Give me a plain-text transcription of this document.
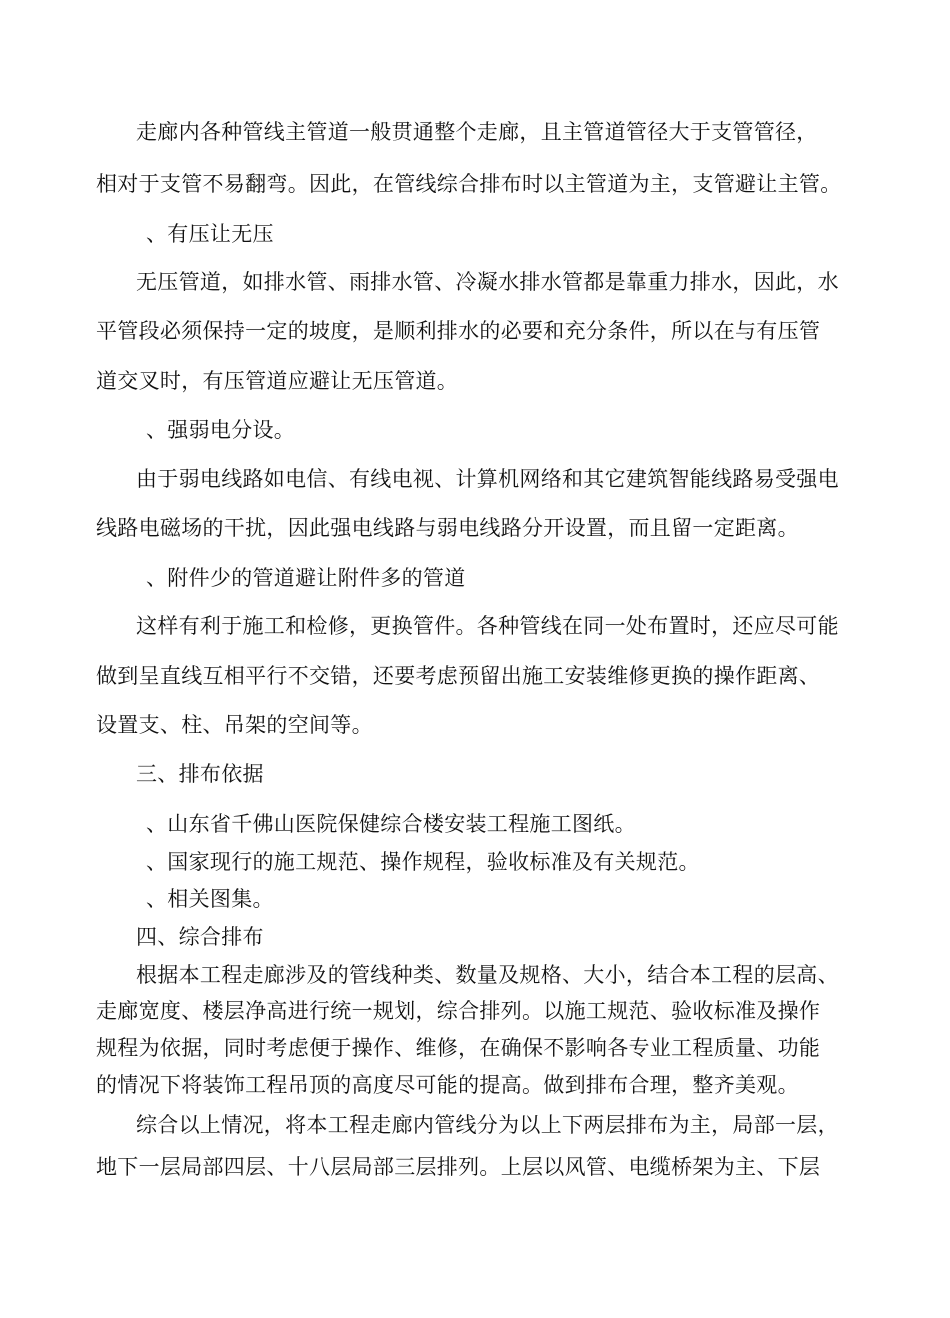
走廊内各种管线主管道一般贯通整个走廊，且主管道管径大于支管管径，
相对于支管不易翻弯。因此，在管线综合排布时以主管道为主，支管避让主管。
、有压让无压
无压管道，如排水管、雨排水管、冷凝水排水管都是靠重力排水，因此，水
平管段必须保持一定的坡度，是顺利排水的必要和充分条件，所以在与有压管
道交叉时，有压管道应避让无压管道。
、强弱电分设。
由于弱电线路如电信、有线电视、计算机网络和其它建筑智能线路易受强电
线路电磁场的干扰，因此强电线路与弱电线路分开设置，而且留一定距离。
、附件少的管道避让附件多的管道
这样有利于施工和检修，更换管件。各种管线在同一处布置时，还应尽可能
做到呈直线互相平行不交错，还要考虑预留出施工安装维修更换的操作距离、
设置支、柱、吊架的空间等。
三、排布依据
、山东省千佛山医院保健综合楼安装工程施工图纸。
、国家现行的施工规范、操作规程，验收标准及有关规范。
、相关图集。
四、综合排布
根据本工程走廊涉及的管线种类、数量及规格、大小，结合本工程的层高、
走廊宽度、楼层净高进行统一规划，综合排列。以施工规范、验收标准及操作
规程为依据，同时考虑便于操作、维修，在确保不影响各专业工程质量、功能
的情况下将装饰工程吊顶的高度尽可能的提高。做到排布合理，整齐美观。
综合以上情况，将本工程走廊内管线分为以上下两层排布为主，局部一层，
地下一层局部四层、十八层局部三层排列。上层以风管、电缆桥架为主、下层
